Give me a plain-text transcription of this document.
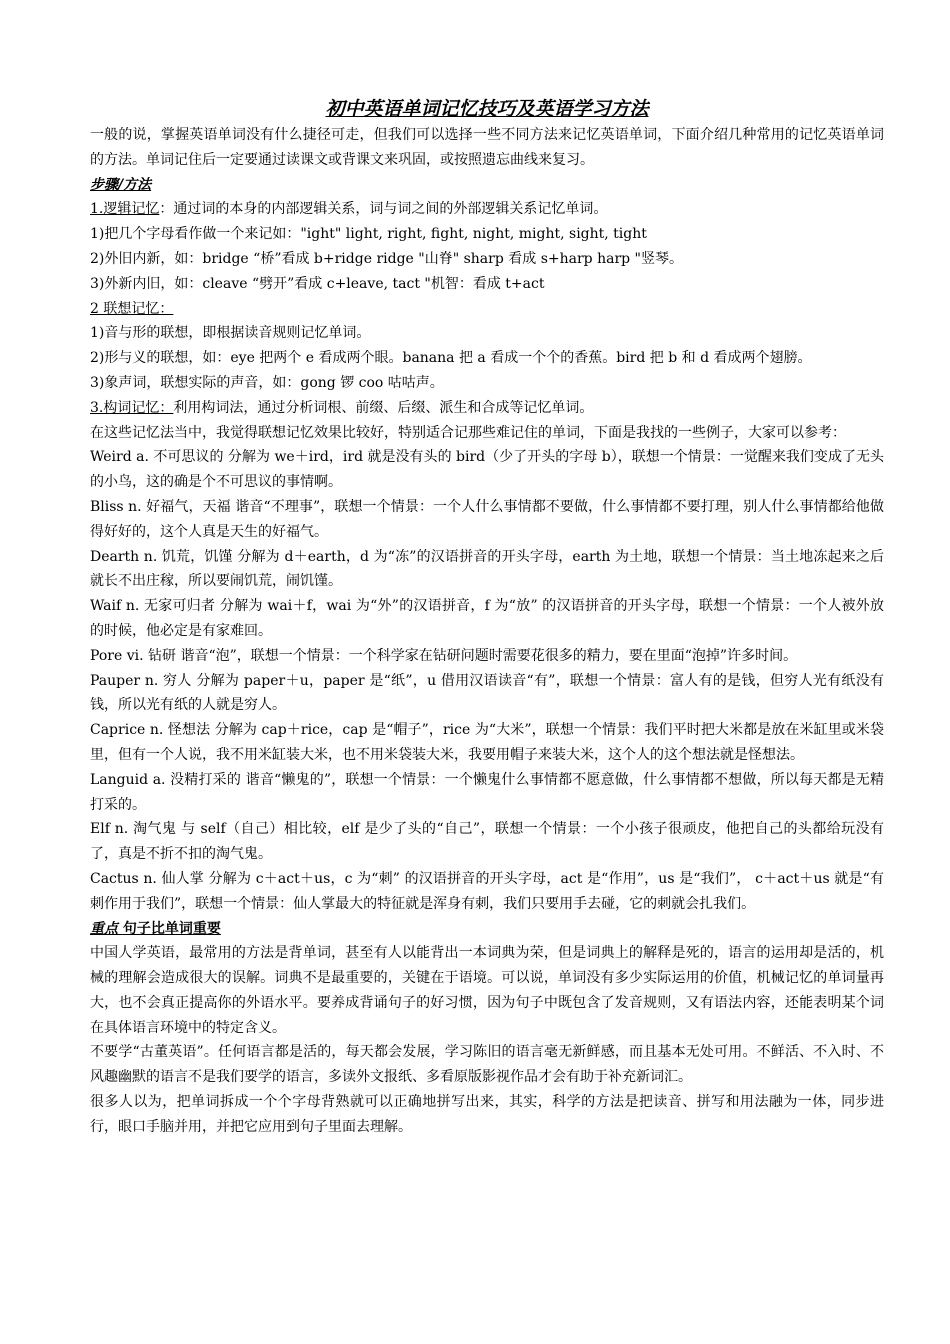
初中英语单词记忆技巧及英语学习方法

一般的说，掌握英语单词没有什么捷径可走，但我们可以选择一些不同方法来记忆英语单词，下面介绍几种常用的记忆英语单词的方法。单词记住后一定要通过读课文或背课文来巩固，或按照遗忘曲线来复习。

步骤/方法

1.逻辑记忆：通过词的本身的内部逻辑关系，词与词之间的外部逻辑关系记忆单词。

1)把几个字母看作做一个来记如："ight" light, right, fight, night, might, sight, tight

2)外旧内新，如：bridge “桥”看成 b+ridge ridge "山脊" sharp 看成 s+harp harp "竖琴。

3)外新内旧，如：cleave “劈开”看成 c+leave, tact "机智：看成 t+act

2 联想记忆：

1)音与形的联想，即根据读音规则记忆单词。

2)形与义的联想，如：eye 把两个 e 看成两个眼。banana 把 a 看成一个个的香蕉。bird 把 b 和 d 看成两个翅膀。

3)象声词，联想实际的声音，如：gong 锣 coo 咕咕声。

3.构词记忆：利用构词法，通过分析词根、前缀、后缀、派生和合成等记忆单词。

在这些记忆法当中，我觉得联想记忆效果比较好，特别适合记那些难记住的单词，下面是我找的一些例子，大家可以参考：

Weird a. 不可思议的 分解为 we＋ird，ird 就是没有头的 bird（少了开头的字母 b），联想一个情景：一觉醒来我们变成了无头的小鸟，这的确是个不可思议的事情啊。

Bliss n. 好福气，天福 谐音“不理事”，联想一个情景：一个人什么事情都不要做，什么事情都不要打理，别人什么事情都给他做得好好的，这个人真是天生的好福气。

Dearth n. 饥荒，饥馑 分解为 d＋earth，d 为“冻”的汉语拼音的开头字母，earth 为土地，联想一个情景：当土地冻起来之后就长不出庄稼，所以要闹饥荒，闹饥馑。

Waif n. 无家可归者 分解为 wai＋f，wai 为“外”的汉语拼音，f 为“放” 的汉语拼音的开头字母，联想一个情景：一个人被外放的时候，他必定是有家难回。

Pore vi. 钻研 谐音“泡”，联想一个情景：一个科学家在钻研问题时需要花很多的精力，要在里面“泡掉”许多时间。

Pauper n. 穷人 分解为 paper＋u，paper 是“纸”，u 借用汉语读音“有”，联想一个情景：富人有的是钱，但穷人光有纸没有钱，所以光有纸的人就是穷人。

Caprice n. 怪想法 分解为 cap＋rice，cap 是“帽子”，rice 为“大米”，联想一个情景：我们平时把大米都是放在米缸里或米袋里，但有一个人说，我不用米缸装大米，也不用米袋装大米，我要用帽子来装大米，这个人的这个想法就是怪想法。

Languid a. 没精打采的 谐音“懒鬼的”，联想一个情景：一个懒鬼什么事情都不愿意做，什么事情都不想做，所以每天都是无精打采的。

Elf n. 淘气鬼 与 self（自己）相比较，elf 是少了头的“自己”，联想一个情景：一个小孩子很顽皮，他把自己的头都给玩没有了，真是不折不扣的淘气鬼。

Cactus n. 仙人掌 分解为 c＋act＋us，c 为“刺” 的汉语拼音的开头字母，act 是“作用”，us 是“我们”， c＋act＋us 就是“有刺作用于我们”，联想一个情景：仙人掌最大的特征就是浑身有刺，我们只要用手去碰，它的刺就会扎我们。

重点 句子比单词重要

中国人学英语，最常用的方法是背单词，甚至有人以能背出一本词典为荣，但是词典上的解释是死的，语言的运用却是活的，机械的理解会造成很大的误解。词典不是最重要的，关键在于语境。可以说，单词没有多少实际运用的价值，机械记忆的单词量再大，也不会真正提高你的外语水平。要养成背诵句子的好习惯，因为句子中既包含了发音规则，又有语法内容，还能表明某个词在具体语言环境中的特定含义。

不要学“古董英语”。任何语言都是活的，每天都会发展，学习陈旧的语言毫无新鲜感，而且基本无处可用。不鲜活、不入时、不风趣幽默的语言不是我们要学的语言，多读外文报纸、多看原版影视作品才会有助于补充新词汇。

很多人以为，把单词拆成一个个字母背熟就可以正确地拼写出来，其实，科学的方法是把读音、拼写和用法融为一体，同步进行，眼口手脑并用，并把它应用到句子里面去理解。
